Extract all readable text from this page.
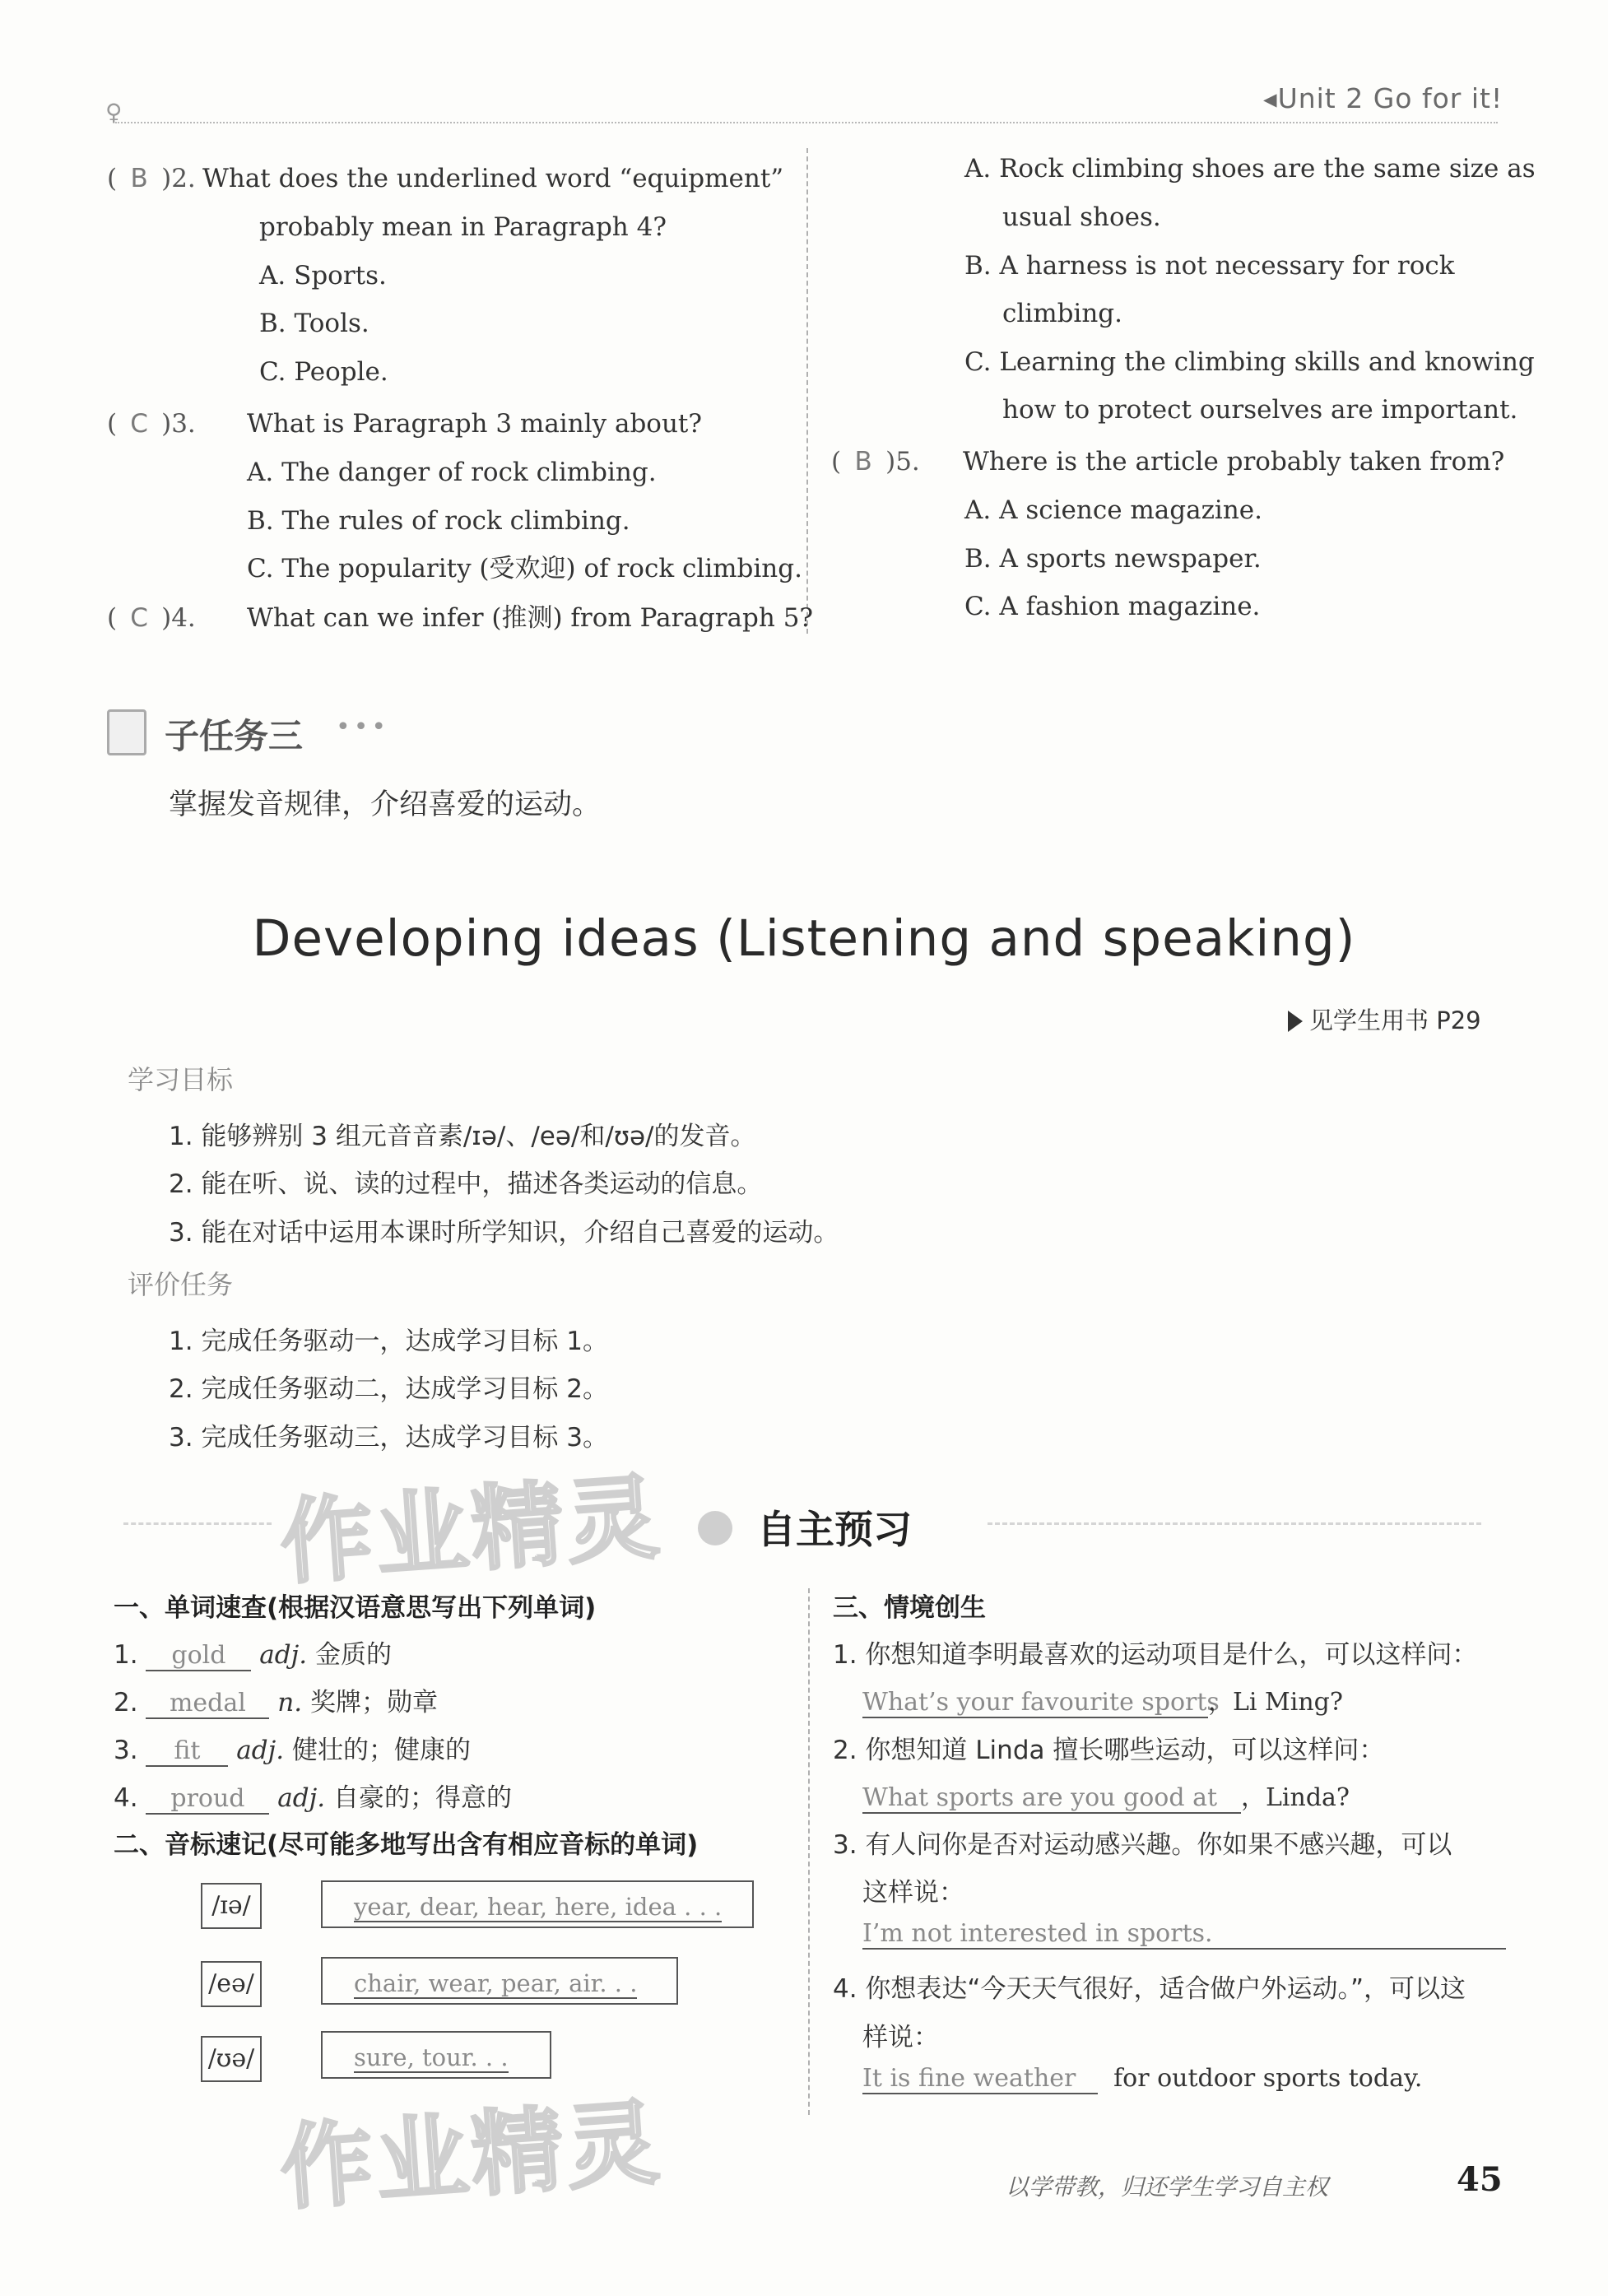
♀	◂Unit 2 Go for it!
( B )2. What does the underlined word “equipment”
probably mean in Paragraph 4?
A. Sports.
B. Tools.
C. People.
( C )3. What is Paragraph 3 mainly about?
A. The danger of rock climbing.
B. The rules of rock climbing.
C. The popularity (受欢迎) of rock climbing.
( C )4. What can we infer (推测) from Paragraph 5?
A. Rock climbing shoes are the same size as
usual shoes.
B. A harness is not necessary for rock
climbing.
C. Learning the climbing skills and knowing
how to protect ourselves are important.
( B )5. Where is the article probably taken from?
A. A science magazine.
B. A sports newspaper.
C. A fashion magazine.
子任务三 •••
掌握发音规律，介绍喜爱的运动。
Developing ideas (Listening and speaking)
见学生用书 P29
学习目标
1. 能够辨别 3 组元音音素/ɪə/、/eə/和/ʊə/的发音。
2. 能在听、说、读的过程中，描述各类运动的信息。
3. 能在对话中运用本课时所学知识，介绍自己喜爱的运动。
评价任务
1. 完成任务驱动一，达成学习目标 1。
2. 完成任务驱动二，达成学习目标 2。
3. 完成任务驱动三，达成学习目标 3。
作业精灵 自主预习
一、单词速查(根据汉语意思写出下列单词)
1. gold adj. 金质的
2. medal n. 奖牌；勋章
3. fit adj. 健壮的；健康的
4. proud adj. 自豪的；得意的
二、音标速记(尽可能多地写出含有相应音标的单词)
/ɪə/	year, dear, hear, here, idea . . .
/eə/	chair, wear, pear, air. . .
/ʊə/	sure, tour. . .
作业精灵
三、情境创生
1. 你想知道李明最喜欢的运动项目是什么，可以这样问：
What’s your favourite sports，Li Ming?
2. 你想知道 Linda 擅长哪些运动，可以这样问：
What sports are you good at ，Linda?
3. 有人问你是否对运动感兴趣。你如果不感兴趣，可以
这样说：
I’m not interested in sports.
4. 你想表达“今天天气很好，适合做户外运动。”，可以这
样说：
It is fine weather for outdoor sports today.
以学带教，归还学生学习自主权	45
